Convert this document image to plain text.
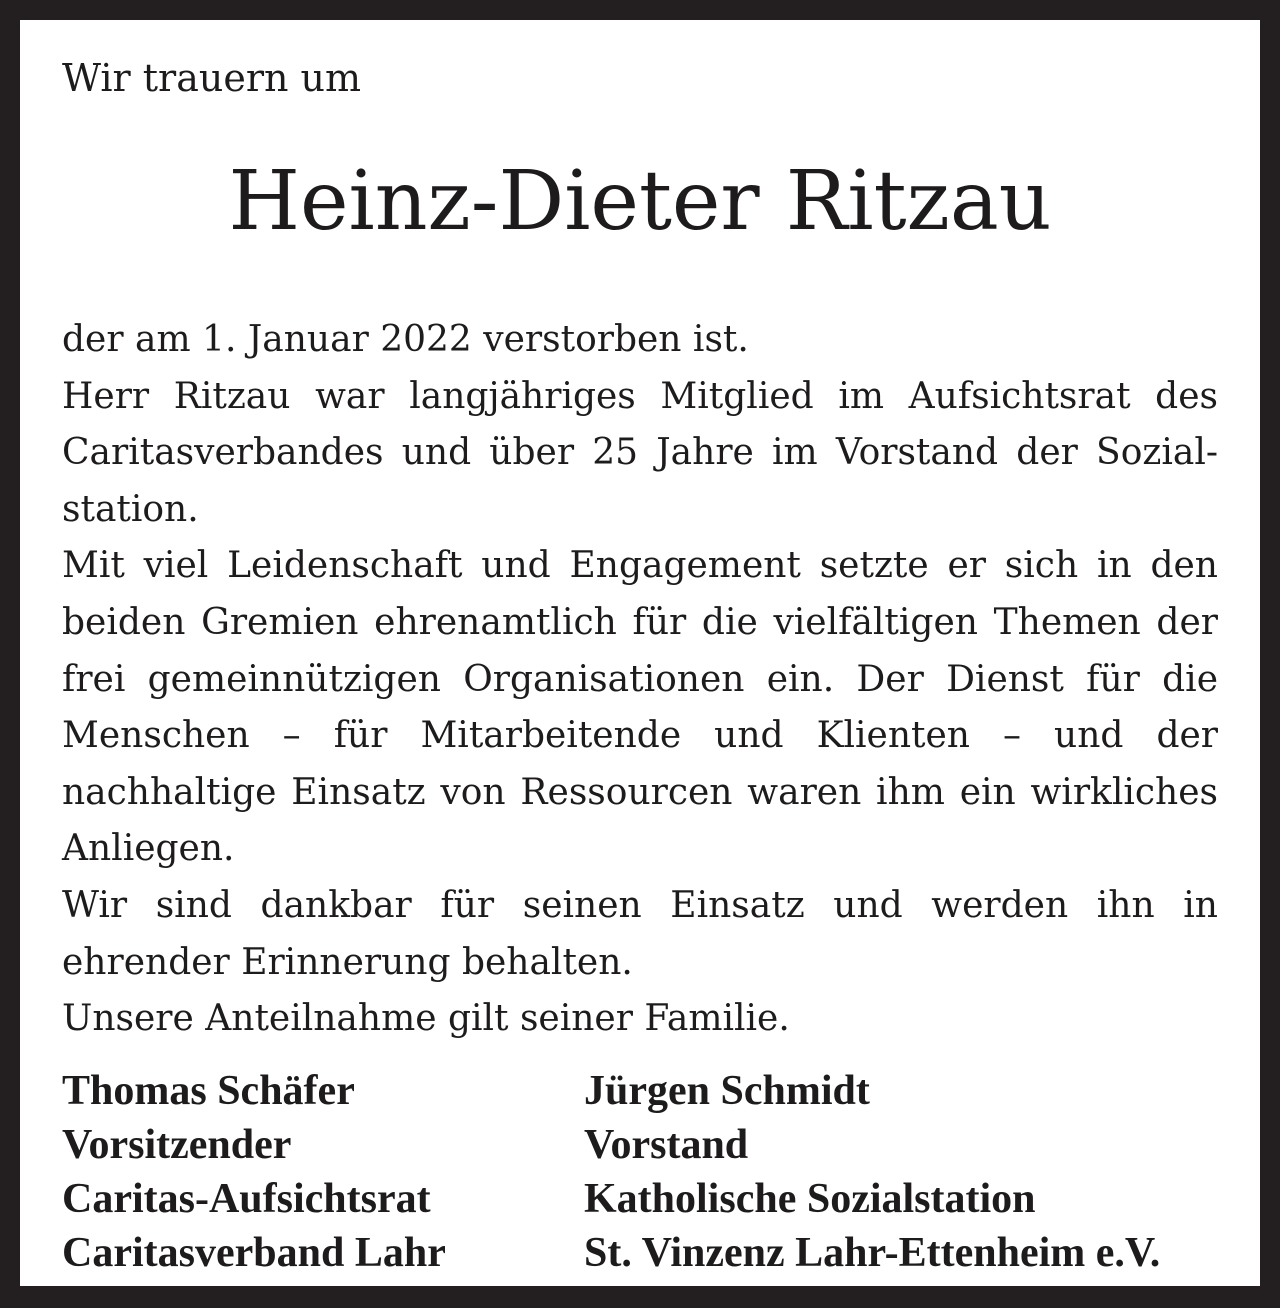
Wir trauern um

Heinz-Dieter Ritzau

der am 1. Januar 2022 verstorben ist.

Herr Ritzau war langjähriges Mitglied im Aufsichtsrat des Caritasverbandes und über 25 Jahre im Vorstand der Sozialstation.

Mit viel Leidenschaft und Engagement setzte er sich in den beiden Gremien ehrenamtlich für die vielfältigen Themen der frei gemeinnützigen Organisationen ein. Der Dienst für die Menschen – für Mitarbeitende und Klienten – und der nachhaltige Einsatz von Ressourcen waren ihm ein wirkliches Anliegen.

Wir sind dankbar für seinen Einsatz und werden ihn in ehrender Erinnerung behalten.

Unsere Anteilnahme gilt seiner Familie.

Thomas Schäfer
Vorsitzender
Caritas-Aufsichtsrat
Caritasverband Lahr
Jürgen Schmidt
Vorstand
Katholische Sozialstation
St. Vinzenz Lahr-Ettenheim e.V.
